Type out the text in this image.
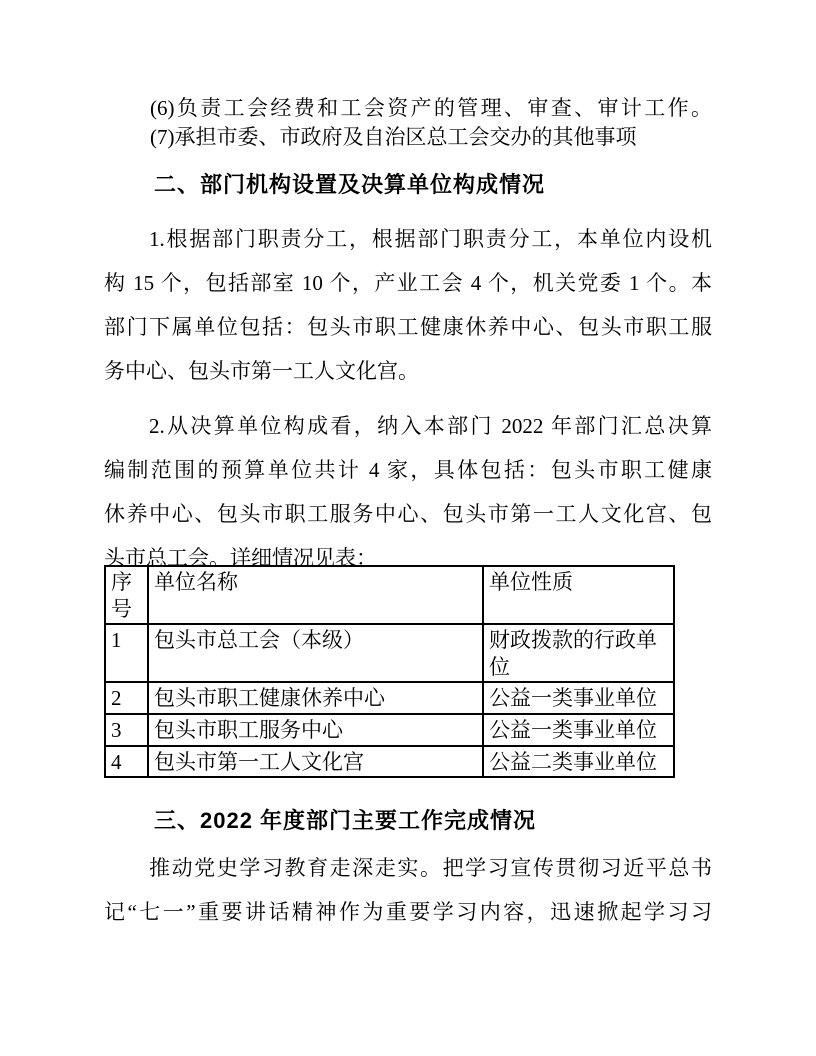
(6)负责工会经费和工会资产的管理、审查、审计工作。
(7)承担市委、市政府及自治区总工会交办的其他事项
二、部门机构设置及决算单位构成情况
1.根据部门职责分工，根据部门职责分工，本单位内设机
构 15 个，包括部室 10 个，产业工会 4 个，机关党委 1 个。本
部门下属单位包括：包头市职工健康休养中心、包头市职工服
务中心、包头市第一工人文化宫。
2.从决算单位构成看，纳入本部门 2022 年部门汇总决算
编制范围的预算单位共计 4 家，具体包括：包头市职工健康
休养中心、包头市职工服务中心、包头市第一工人文化宫、包
头市总工会。详细情况见表：
序号	单位名称	单位性质
1	包头市总工会（本级）	财政拨款的行政单位
2	包头市职工健康休养中心	公益一类事业单位
3	包头市职工服务中心	公益一类事业单位
4	包头市第一工人文化宫	公益二类事业单位
三、2022 年度部门主要工作完成情况
推动党史学习教育走深走实。把学习宣传贯彻习近平总书
记“七一”重要讲话精神作为重要学习内容，迅速掀起学习习
